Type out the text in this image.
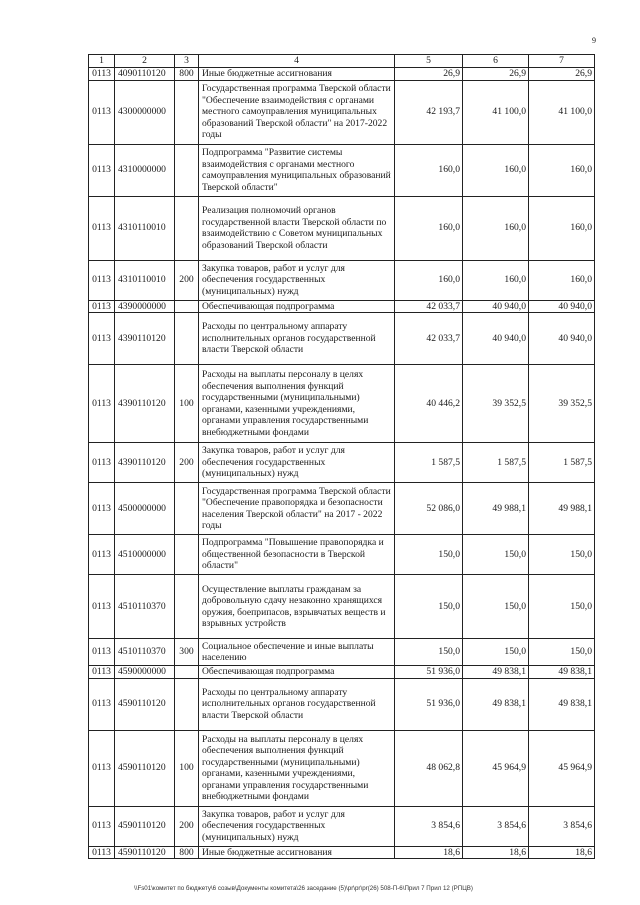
9
1	2	3	4	5	6	7
0113	4090110120	800	Иные бюджетные ассигнования	26,9	26,9	26,9
0113	4300000000		Государственная программа Тверской области "Обеспечение взаимодействия с органами местного самоуправления муниципальных образований Тверской области" на 2017-2022 годы	42 193,7	41 100,0	41 100,0
0113	4310000000		Подпрограмма "Развитие системы взаимодействия с органами местного самоуправления муниципальных образований Тверской области"	160,0	160,0	160,0
0113	4310110010		Реализация полномочий органов государственной власти Тверской области по взаимодействию с Советом муниципальных образований Тверской области	160,0	160,0	160,0
0113	4310110010	200	Закупка товаров, работ и услуг для обеспечения государственных (муниципальных) нужд	160,0	160,0	160,0
0113	4390000000		Обеспечивающая подпрограмма	42 033,7	40 940,0	40 940,0
0113	4390110120		Расходы по центральному аппарату исполнительных органов государственной власти Тверской области	42 033,7	40 940,0	40 940,0
0113	4390110120	100	Расходы на выплаты персоналу в целях обеспечения выполнения функций государственными (муниципальными) органами, казенными учреждениями, органами управления государственными внебюджетными фондами	40 446,2	39 352,5	39 352,5
0113	4390110120	200	Закупка товаров, работ и услуг для обеспечения государственных (муниципальных) нужд	1 587,5	1 587,5	1 587,5
0113	4500000000		Государственная программа Тверской области "Обеспечение правопорядка и безопасности населения Тверской области" на 2017 - 2022 годы	52 086,0	49 988,1	49 988,1
0113	4510000000		Подпрограмма "Повышение правопорядка и общественной безопасности в Тверской области"	150,0	150,0	150,0
0113	4510110370		Осуществление выплаты гражданам за добровольную сдачу незаконно хранящихся оружия, боеприпасов, взрывчатых веществ и взрывных устройств	150,0	150,0	150,0
0113	4510110370	300	Социальное обеспечение и иные выплаты населению	150,0	150,0	150,0
0113	4590000000		Обеспечивающая подпрограмма	51 936,0	49 838,1	49 838,1
0113	4590110120		Расходы по центральному аппарату исполнительных органов государственной власти Тверской области	51 936,0	49 838,1	49 838,1
0113	4590110120	100	Расходы на выплаты персоналу в целях обеспечения выполнения функций государственными (муниципальными) органами, казенными учреждениями, органами управления государственными внебюджетными фондами	48 062,8	45 964,9	45 964,9
0113	4590110120	200	Закупка товаров, работ и услуг для обеспечения государственных (муниципальных) нужд	3 854,6	3 854,6	3 854,6
0113	4590110120	800	Иные бюджетные ассигнования	18,6	18,6	18,6
\\Fs01\комитет по бюджету\6 созыв\Документы комитета\26 заседание (5)\pr\pr\pr(26) 508-П-6\Прил 7 Прил 12 (РПЦВ)
